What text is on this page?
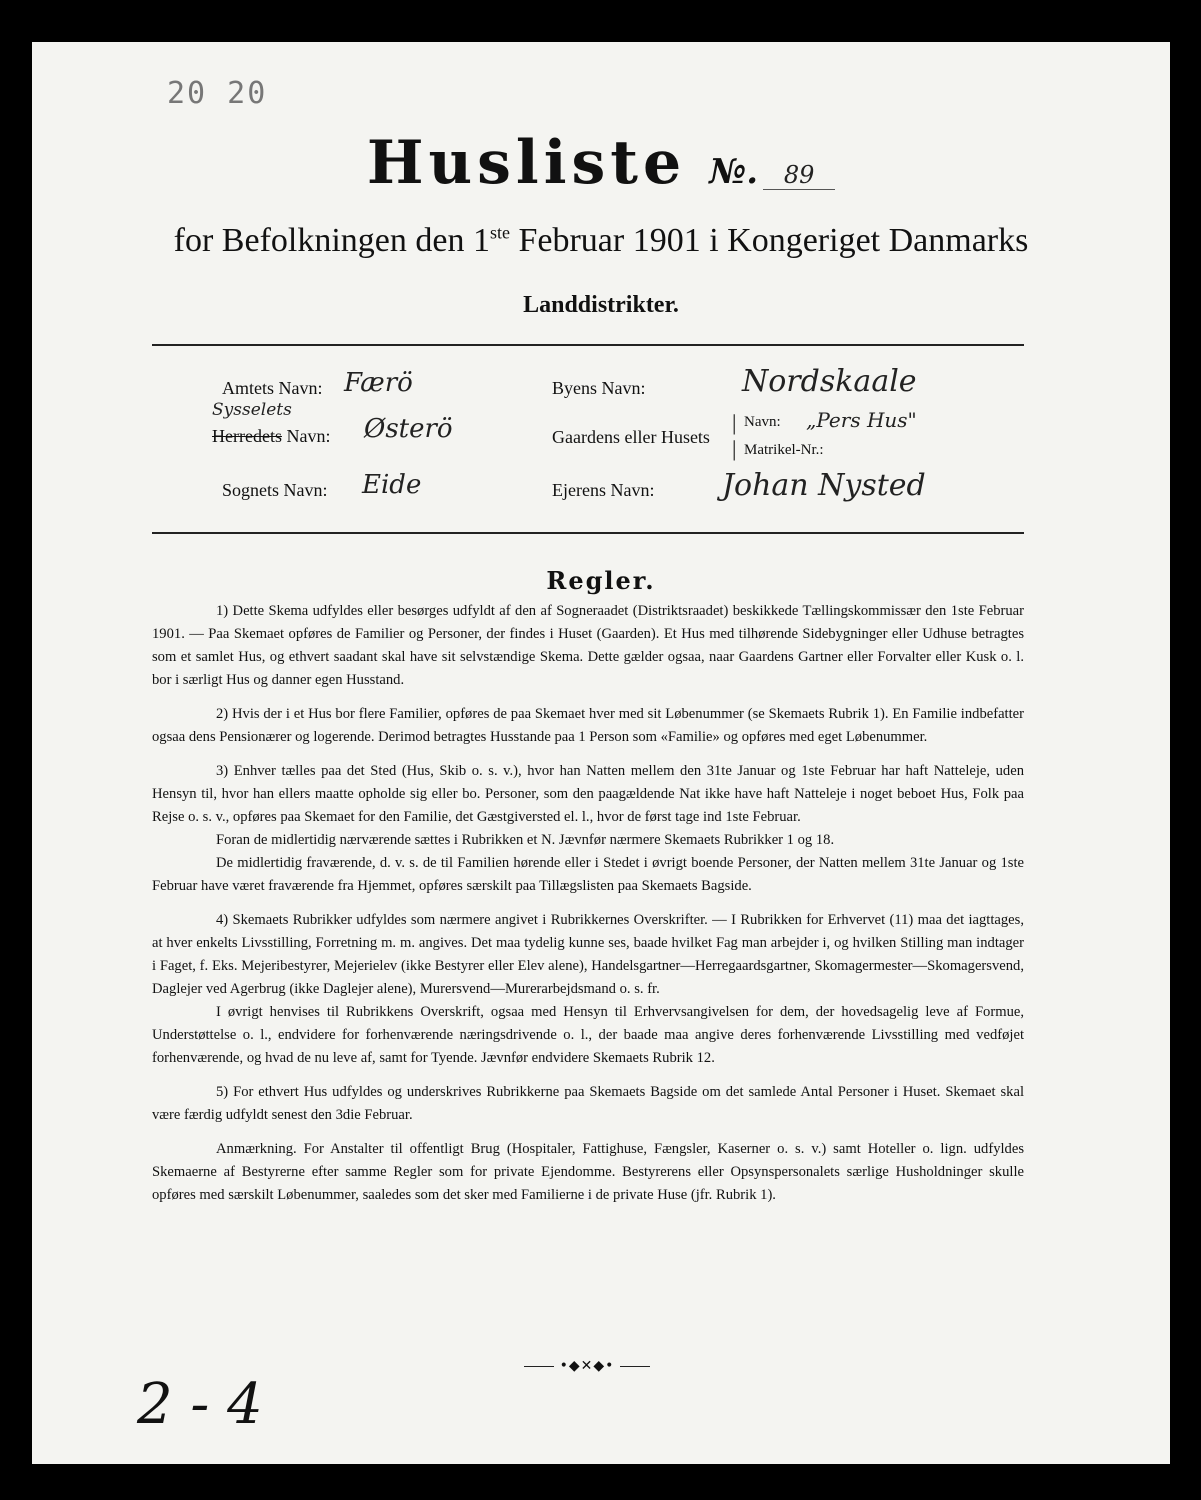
20 20
Husliste №. 89
for Befolkningen den 1ste Februar 1901 i Kongeriget Danmarks
Landdistrikter.
Amtets Navn: Færö
Sysselets
Herredets Navn: Østerö
Sognets Navn: Eide
Byens Navn:	Nordskaale
Gaardens eller Husets
|
|
Navn: „Pers Hus"
Matrikel-Nr.:
Ejerens Navn: Johan Nysted
Regler.

1) Dette Skema udfyldes eller besørges udfyldt af den af Sogneraadet (Distriktsraadet) beskikkede Tællingskommissær den 1ste Februar 1901. — Paa Skemaet opføres de Familier og Personer, der findes i Huset (Gaarden). Et Hus med tilhørende Sidebygninger eller Udhuse betragtes som et samlet Hus, og ethvert saadant skal have sit selvstændige Skema. Dette gælder ogsaa, naar Gaardens Gartner eller Forvalter eller Kusk o. l. bor i særligt Hus og danner egen Husstand.

2) Hvis der i et Hus bor flere Familier, opføres de paa Skemaet hver med sit Løbenummer (se Skemaets Rubrik 1). En Familie indbefatter ogsaa dens Pensionærer og logerende. Derimod betragtes Husstande paa 1 Person som «Familie» og opføres med eget Løbenummer.

3) Enhver tælles paa det Sted (Hus, Skib o. s. v.), hvor han Natten mellem den 31te Januar og 1ste Februar har haft Natteleje, uden Hensyn til, hvor han ellers maatte opholde sig eller bo. Personer, som den paagældende Nat ikke have haft Natteleje i noget beboet Hus, Folk paa Rejse o. s. v., opføres paa Skemaet for den Familie, det Gæstgiversted el. l., hvor de først tage ind 1ste Februar.

Foran de midlertidig nærværende sættes i Rubrikken et N. Jævnfør nærmere Skemaets Rubrikker 1 og 18.

De midlertidig fraværende, d. v. s. de til Familien hørende eller i Stedet i øvrigt boende Personer, der Natten mellem 31te Januar og 1ste Februar have været fraværende fra Hjemmet, opføres særskilt paa Tillægslisten paa Skemaets Bagside.

4) Skemaets Rubrikker udfyldes som nærmere angivet i Rubrikkernes Overskrifter. — I Rubrikken for Erhvervet (11) maa det iagttages, at hver enkelts Livsstilling, Forretning m. m. angives. Det maa tydelig kunne ses, baade hvilket Fag man arbejder i, og hvilken Stilling man indtager i Faget, f. Eks. Mejeribestyrer, Mejerielev (ikke Bestyrer eller Elev alene), Handelsgartner—Herregaardsgartner, Skomagermester—Skomagersvend, Daglejer ved Agerbrug (ikke Daglejer alene), Murersvend—Murerarbejdsmand o. s. fr.

I øvrigt henvises til Rubrikkens Overskrift, ogsaa med Hensyn til Erhvervsangivelsen for dem, der hovedsagelig leve af Formue, Understøttelse o. l., endvidere for forhenværende næringsdrivende o. l., der baade maa angive deres forhenværende Livsstilling med vedføjet forhenværende, og hvad de nu leve af, samt for Tyende. Jævnfør endvidere Skemaets Rubrik 12.

5) For ethvert Hus udfyldes og underskrives Rubrikkerne paa Skemaets Bagside om det samlede Antal Personer i Huset. Skemaet skal være færdig udfyldt senest den 3die Februar.

Anmærkning. For Anstalter til offentligt Brug (Hospitaler, Fattighuse, Fængsler, Kaserner o. s. v.) samt Hoteller o. lign. udfyldes Skemaerne af Bestyrerne efter samme Regler som for private Ejendomme. Bestyrerens eller Opsynspersonalets særlige Husholdninger skulle opføres med særskilt Løbenummer, saaledes som det sker med Familierne i de private Huse (jfr. Rubrik 1).

•◆✕◆•
2 - 4
